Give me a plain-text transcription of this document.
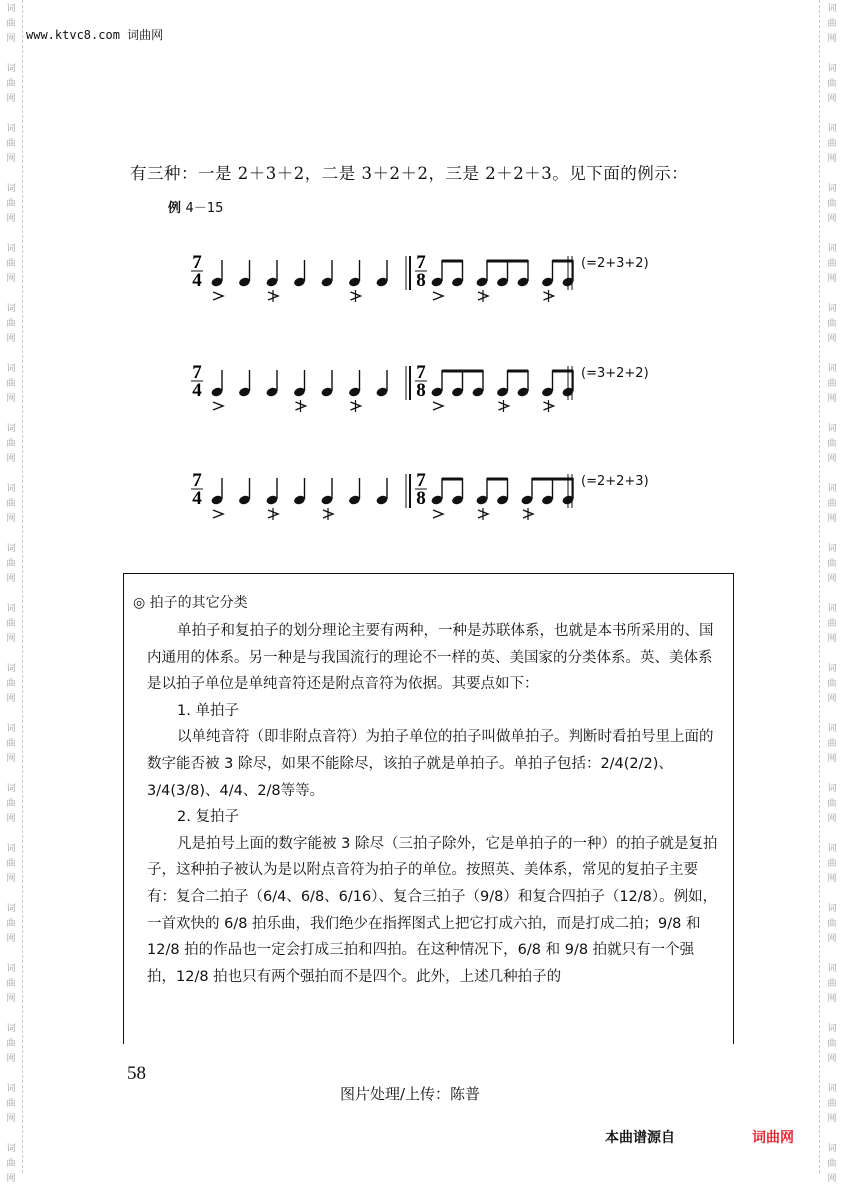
词
曲
网
词
曲
网
词
曲
网
词
曲
网
词
曲
网
词
曲
网
词
曲
网
词
曲
网
词
曲
网
词
曲
网
词
曲
网
词
曲
网
词
曲
网
词
曲
网
词
曲
网
词
曲
网
词
曲
网
词
曲
网
词
曲
网
词
曲
网
词
曲
网
词
曲
网
词
曲
网
词
曲
网
词
曲
网
词
曲
网
词
曲
网
词
曲
网
词
曲
网
词
曲
网
词
曲
网
词
曲
网
词
曲
网
词
曲
网
词
曲
网
词
曲
网
词
曲
网
词
曲
网
词
曲
网
词
曲
网
www.ktvc8.com 词曲网
有三种：一是 2＋3＋2，二是 3＋2＋2，三是 2＋2＋3。见下面的例示：
例 4－15
7
4
7
8
(=2+3+2)
7
4
7
8
(=3+2+2)
7
4
7
8
(=2+2+3)
◎ 拍子的其它分类

单拍子和复拍子的划分理论主要有两种，一种是苏联体系，也就是本书所采用的、国内通用的体系。另一种是与我国流行的理论不一样的英、美国家的分类体系。英、美体系是以拍子单位是单纯音符还是附点音符为依据。其要点如下：

1. 单拍子

以单纯音符（即非附点音符）为拍子单位的拍子叫做单拍子。判断时看拍号里上面的数字能否被 3 除尽，如果不能除尽，该拍子就是单拍子。单拍子包括：2/4(2/2)、3/4(3/8)、4/4、2/8等等。

2. 复拍子

凡是拍号上面的数字能被 3 除尽（三拍子除外，它是单拍子的一种）的拍子就是复拍子，这种拍子被认为是以附点音符为拍子的单位。按照英、美体系，常见的复拍子主要有：复合二拍子（6/4、6/8、6/16）、复合三拍子（9/8）和复合四拍子（12/8）。例如，一首欢快的 6/8 拍乐曲，我们绝少在指挥图式上把它打成六拍，而是打成二拍；9/8 和 12/8 拍的作品也一定会打成三拍和四拍。在这种情况下，6/8 和 9/8 拍就只有一个强拍，12/8 拍也只有两个强拍而不是四个。此外，上述几种拍子的

58
图片处理/上传：陈普
本曲谱源自	词曲网
